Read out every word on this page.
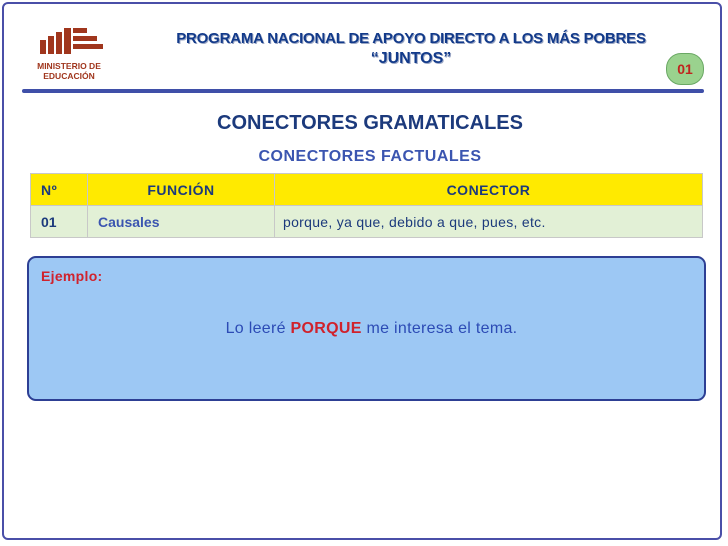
MINISTERIO DE EDUCACIÓN
PROGRAMA NACIONAL DE APOYO DIRECTO A LOS MÁS POBRES
“JUNTOS”
01
CONECTORES GRAMATICALES
CONECTORES FACTUALES
Nº	FUNCIÓN	CONECTOR
01	Causales	porque, ya que, debido a que, pues, etc.
Ejemplo:
Lo leeré PORQUE me interesa el tema.
